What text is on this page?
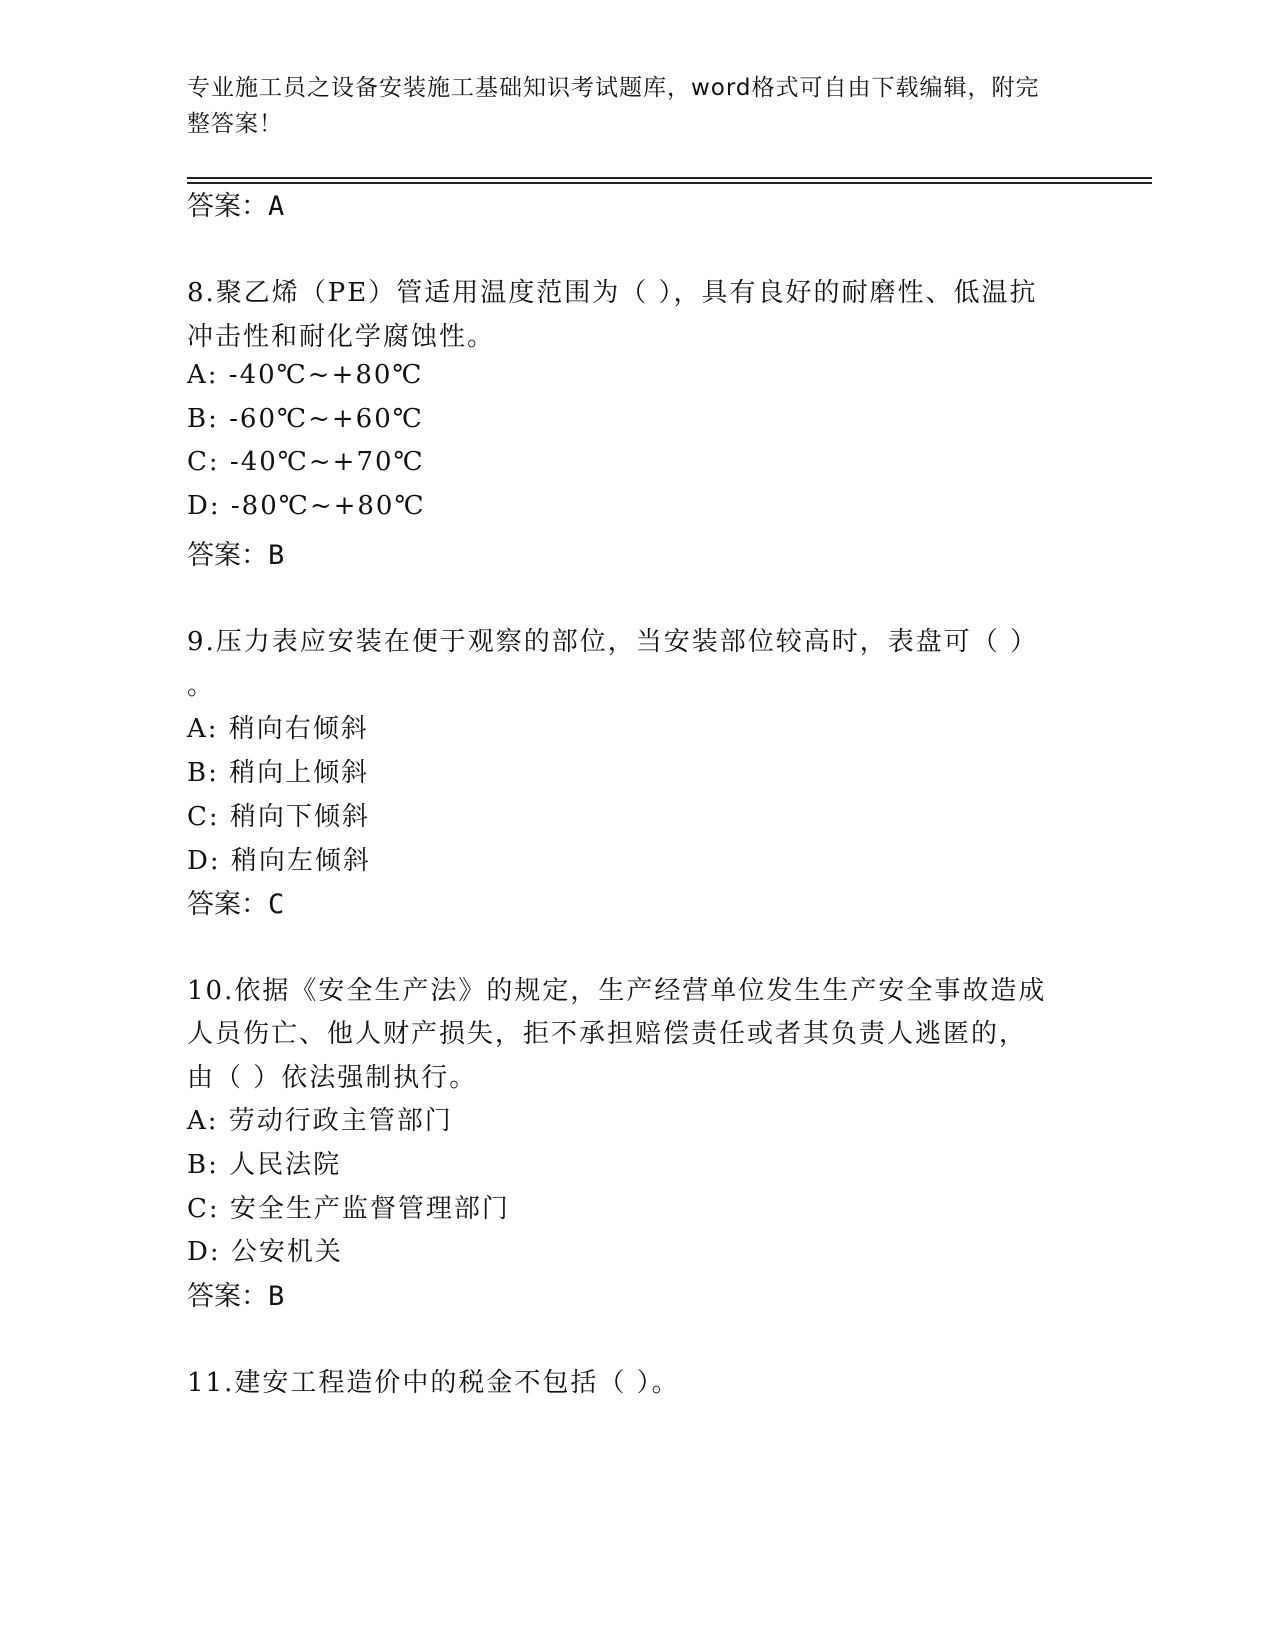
专业施工员之设备安装施工基础知识考试题库，word格式可自由下载编辑，附完
整答案！
答案：A
8.聚乙烯（PE）管适用温度范围为（ ），具有良好的耐磨性、低温抗
冲击性和耐化学腐蚀性。
A: -40℃~+80℃
B: -60℃~+60℃
C: -40℃~+70℃
D: -80℃~+80℃
答案：B
9.压力表应安装在便于观察的部位，当安装部位较高时，表盘可（ ）
。
A: 稍向右倾斜
B: 稍向上倾斜
C: 稍向下倾斜
D: 稍向左倾斜
答案：C
10.依据《安全生产法》的规定，生产经营单位发生生产安全事故造成
人员伤亡、他人财产损失，拒不承担赔偿责任或者其负责人逃匿的，
由（ ）依法强制执行。
A: 劳动行政主管部门
B: 人民法院
C: 安全生产监督管理部门
D: 公安机关
答案：B
11.建安工程造价中的税金不包括（ ）。
